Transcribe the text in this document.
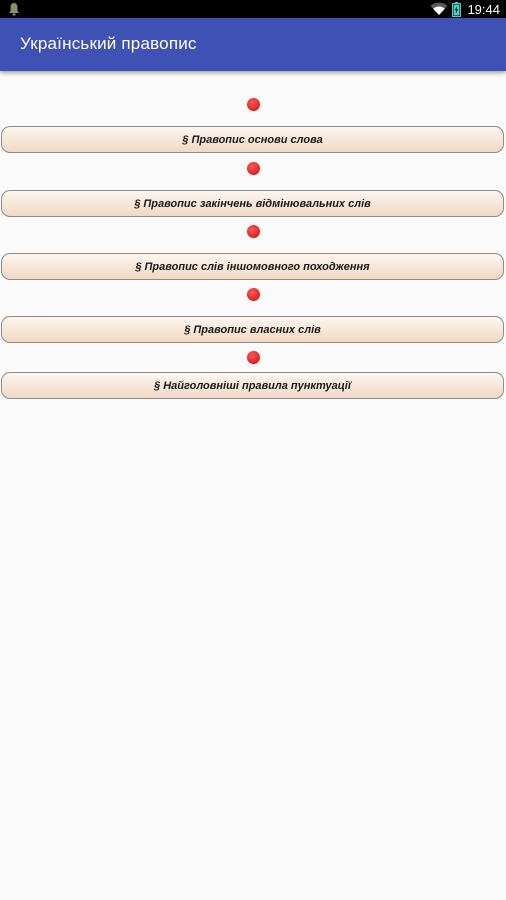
19:44
Український правопис
§ Правопис основи слова
§ Правопис закінчень відмінювальних слів
§ Правопис слів іншомовного походження
§ Правопис власних слів
§ Найголовніші правила пунктуації
